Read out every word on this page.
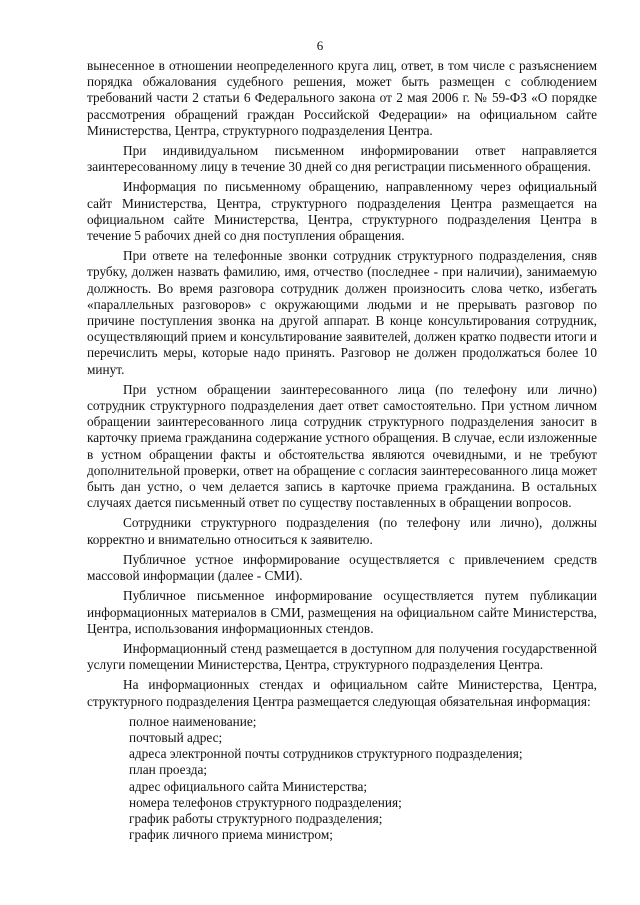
6

вынесенное в отношении неопределенного круга лиц, ответ, в том числе с разъяснением порядка обжалования судебного решения, может быть размещен с соблюдением требований части 2 статьи 6 Федерального закона от 2 мая 2006 г. № 59-ФЗ «О порядке рассмотрения обращений граждан Российской Федерации» на официальном сайте Министерства, Центра, структурного подразделения Центра.

При индивидуальном письменном информировании ответ направляется заинтересованному лицу в течение 30 дней со дня регистрации письменного обращения.

Информация по письменному обращению, направленному через официальный сайт Министерства, Центра, структурного подразделения Центра размещается на официальном сайте Министерства, Центра, структурного подразделения Центра в течение 5 рабочих дней со дня поступления обращения.

При ответе на телефонные звонки сотрудник структурного подразделения, сняв трубку, должен назвать фамилию, имя, отчество (последнее - при наличии), занимаемую должность. Во время разговора сотрудник должен произносить слова четко, избегать «параллельных разговоров» с окружающими людьми и не прерывать разговор по причине поступления звонка на другой аппарат. В конце консультирования сотрудник, осуществляющий прием и консультирование заявителей, должен кратко подвести итоги и перечислить меры, которые надо принять. Разговор не должен продолжаться более 10 минут.

При устном обращении заинтересованного лица (по телефону или лично) сотрудник структурного подразделения дает ответ самостоятельно. При устном личном обращении заинтересованного лица сотрудник структурного подразделения заносит в карточку приема гражданина содержание устного обращения. В случае, если изложенные в устном обращении факты и обстоятельства являются очевидными, и не требуют дополнительной проверки, ответ на обращение с согласия заинтересованного лица может быть дан устно, о чем делается запись в карточке приема гражданина. В остальных случаях дается письменный ответ по существу поставленных в обращении вопросов.

Сотрудники структурного подразделения (по телефону или лично), должны корректно и внимательно относиться к заявителю.

Публичное устное информирование осуществляется с привлечением средств массовой информации (далее - СМИ).

Публичное письменное информирование осуществляется путем публикации информационных материалов в СМИ, размещения на официальном сайте Министерства, Центра, использования информационных стендов.

Информационный стенд размещается в доступном для получения государственной услуги помещении Министерства, Центра, структурного подразделения Центра.

На информационных стендах и официальном сайте Министерства, Центра, структурного подразделения Центра размещается следующая обязательная информация:

полное наименование;
почтовый адрес;
адреса электронной почты сотрудников структурного подразделения;
план проезда;
адрес официального сайта Министерства;
номера телефонов структурного подразделения;
график работы структурного подразделения;
график личного приема министром;
